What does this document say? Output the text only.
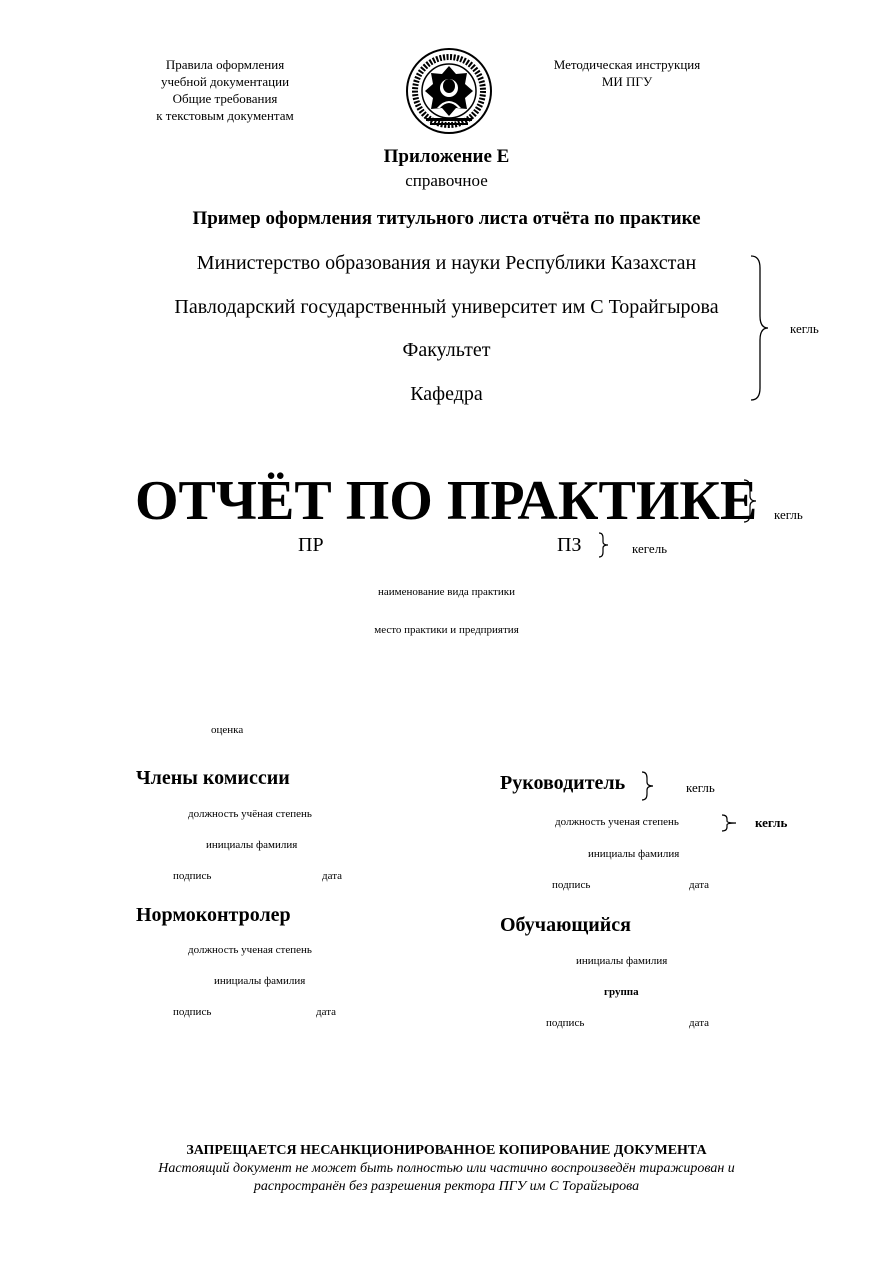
Правила оформления
учебной документации
Общие требования
к текстовым документам
Методическая инструкция
МИ ПГУ
Приложение Е
справочное
Пример оформления титульного листа отчёта по практике
Министерство образования и науки Республики Казахстан
Павлодарский государственный университет им С Торайгырова
Факультет
Кафедра
кегль
ОТЧЁТ ПО ПРАКТИКЕ кегль
ПР	ПЗ	кегель
наименование вида практики
место практики и предприятия
оценка
Члены комиссии
должность учёная степень
инициалы фамилия
подпись	дата
Руководитель	кегль
должность ученая степень	кегль
инициалы фамилия
подпись	дата
Нормоконтролер
должность ученая степень
инициалы фамилия
подпись	дата
Обучающийся
инициалы фамилия
группа
подпись	дата
ЗАПРЕЩАЕТСЯ НЕСАНКЦИОНИРОВАННОЕ КОПИРОВАНИЕ ДОКУМЕНТА
Настоящий документ не может быть полностью или частично воспроизведён тиражирован и
распространён без разрешения ректора ПГУ им С Торайгырова
